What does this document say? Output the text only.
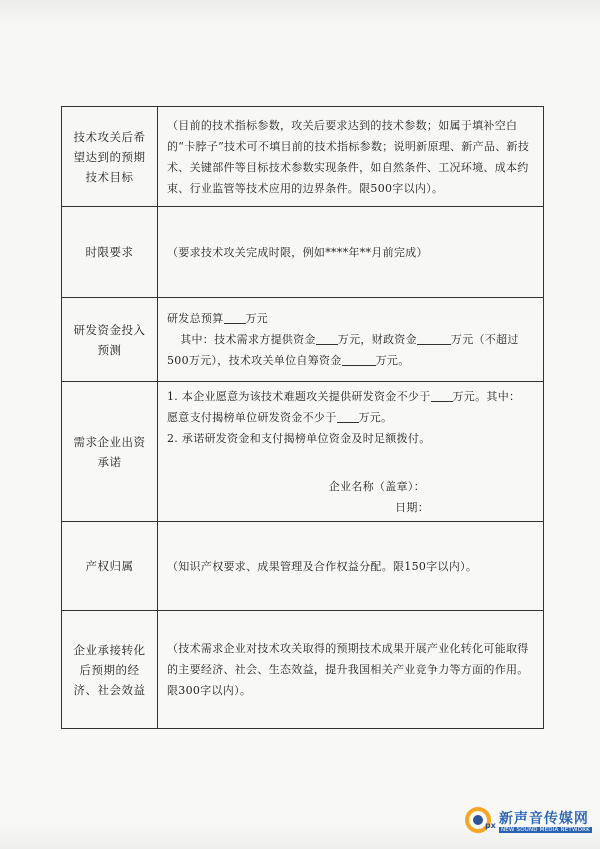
技术攻关后希望达到的预期技术目标	（目前的技术指标参数，攻关后要求达到的技术参数；如属于填补空白的“卡脖子”技术可不填目前的技术指标参数；说明新原理、新产品、新技术、关键部件等目标技术参数实现条件，如自然条件、工况环境、成本约束、行业监管等技术应用的边界条件。限500字以内）。
时限要求	（要求技术攻关完成时限，例如****年**月前完成）
研发资金投入预测	研发总预算 万元
其中：技术需求方提供资金 万元，财政资金 万元（不超过
500万元），技术攻关单位自筹资金 万元。

需求企业出资承诺	1. 本企业愿意为该技术难题攻关提供研发资金不少于 万元。其中：
愿意支付揭榜单位研发资金不少于 万元。
2. 承诺研发资金和支付揭榜单位资金及时足额拨付。
企业名称（盖章）：
日期：

产权归属	（知识产权要求、成果管理及合作权益分配。限150字以内）。
企业承接转化后预期的经济、社会效益	（技术需求企业对技术攻关取得的预期技术成果开展产业化转化可能取得的主要经济、社会、生态效益，提升我国相关产业竞争力等方面的作用。限300字以内）。
px 新声音传媒网
NEW SOUND MEDIA NETWORK
